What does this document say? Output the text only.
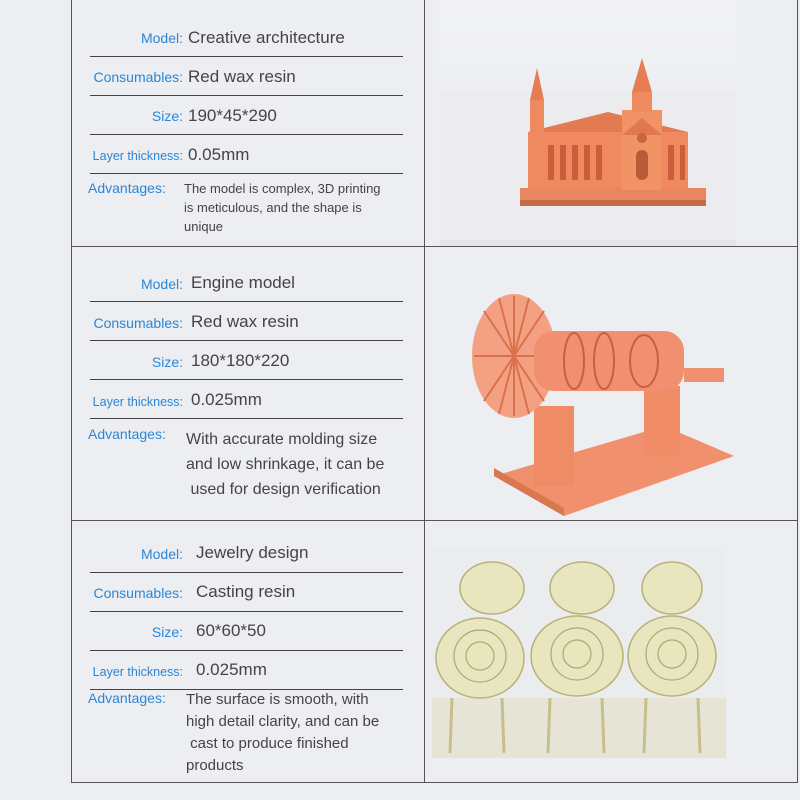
Model: Creative architecture
Consumables: Red wax resin
Size: 190*45*290
Layer thickness: 0.05mm
Advantages: The model is complex, 3D printing
is meticulous, and the shape is
unique
Model: Engine model
Consumables: Red wax resin
Size: 180*180*220
Layer thickness: 0.025mm
Advantages: With accurate molding size
and low shrinkage, it can be
used for design verification
Model: Jewelry design
Consumables: Casting resin
Size: 60*60*50
Layer thickness: 0.025mm
Advantages: The surface is smooth, with
high detail clarity, and can be
cast to produce finished
products
